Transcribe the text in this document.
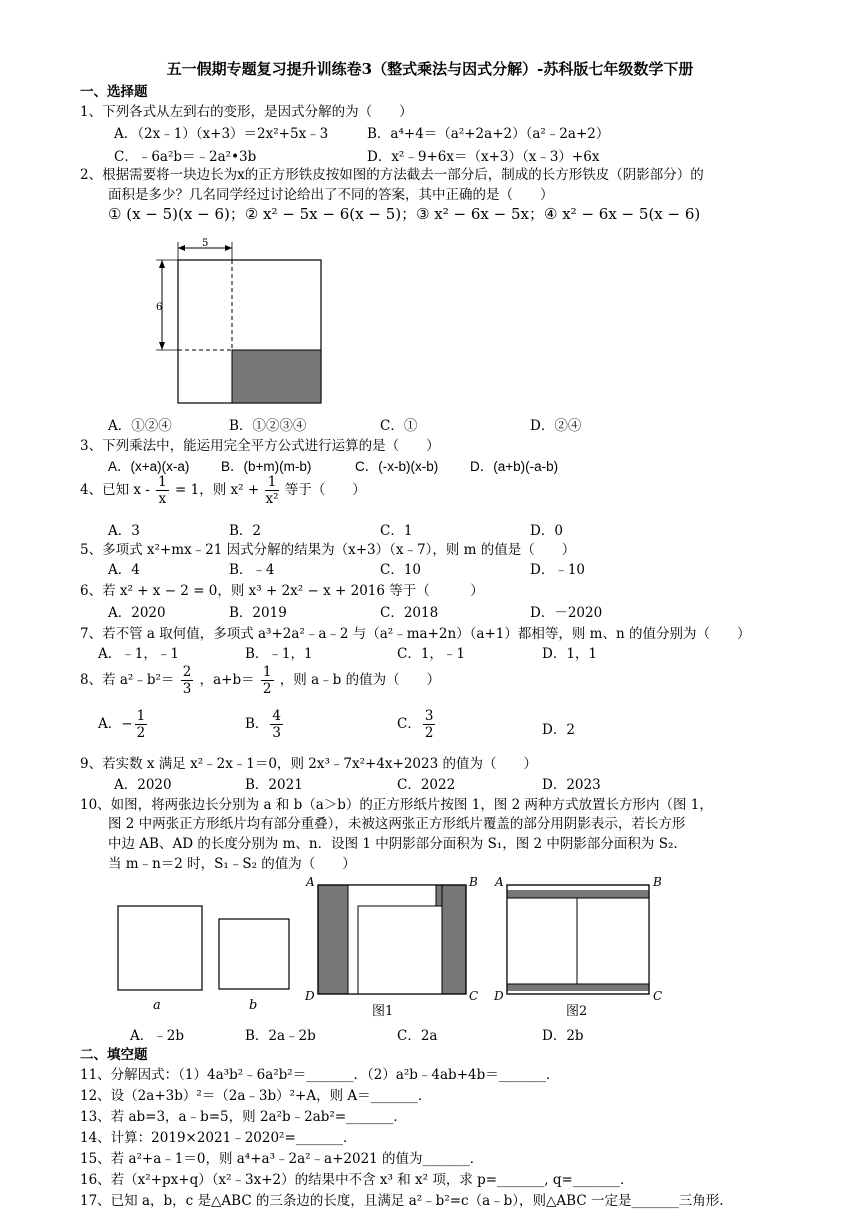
五一假期专题复习提升训练卷3（整式乘法与因式分解）-苏科版七年级数学下册
一、选择题
1、下列各式从左到右的变形，是因式分解的为（　　）
A．（2x﹣1）（x+3）＝2x²+5x﹣3	B．a⁴+4＝（a²+2a+2）（a²﹣2a+2）
C．﹣6a²b＝﹣2a²•3b	D．x²﹣9+6x＝（x+3）（x﹣3）+6x
2、根据需要将一块边长为x的正方形铁皮按如图的方法截去一部分后，制成的长方形铁皮（阴影部分）的
面积是多少？几名同学经过讨论给出了不同的答案，其中正确的是（　　）
① (x − 5)(x − 6)；② x² − 5x − 6(x − 5)；③ x² − 6x − 5x；④ x² − 6x − 5(x − 6)
5
6
A．①②④	B．①②③④	C．①	D．②④
3、下列乘法中，能运用完全平方公式进行运算的是（　　）
A．(x+a)(x-a) B．(b+m)(m-b)	C．(-x-b)(x-b) D．(a+b)(-a-b)
4、已知 $x - \frac{1}{x} = 1$，则 $x^2 + \frac{1}{\text{x²}}$ 等于（　　）
A．3	B．2	C．1	D．0
5、多项式 x²+mx﹣21 因式分解的结果为（x+3）（x﹣7），则 m 的值是（　　）
A．4	B．﹣4	C．10	D．﹣10
6、若 x² + x − 2 = 0，则 x³ + 2x² − x + 2016 等于（　　　）
A．2020	B．2019	C．2018	D．－2020
7、若不管 a 取何值，多项式 a³+2a²﹣a﹣2 与（a²﹣ma+2n）（a+1）都相等，则 m、n 的值分别为（　　）
A．﹣1，﹣1	B．﹣1，1	C．1，﹣1	D．1，1
8、若 a²﹣b²＝ $\frac{2}{3}$ ，$a+b= \frac{1}{2}$ ，则 a﹣b 的值为（　　）
A．− $\frac{1}{2}$	B． $\frac{4}{3}$	C． $\frac{3}{2}$	D．2
9、若实数 x 满足 x²﹣2x﹣1＝0，则 2x³﹣7x²+4x+2023 的值为（　　）
A．2020	B．2021	C．2022	D．2023
10、如图，将两张边长分别为 a 和 b（a＞b）的正方形纸片按图 1，图 2 两种方式放置长方形内（图 1，
图 2 中两张正方形纸片均有部分重叠），未被这两张正方形纸片覆盖的部分用阴影表示，若长方形
中边 AB、AD 的长度分别为 m、n．设图 1 中阴影部分面积为 S₁，图 2 中阴影部分面积为 S₂.
当 m﹣n＝2 时，S₁﹣S₂ 的值为（　　）
a	b
A	B
C
D
图1
A	B
C
D
图2
A．﹣2b	B．2a﹣2b	C．2a	D．2b
二、填空题
11、分解因式：（1）4a³b²﹣6a²b²＝_______．（2）a²b﹣4ab+4b＝_______．
12、设（2a+3b）²＝（2a﹣3b）²+A，则 A＝_______．
13、若 ab=3，a﹣b=5，则 2a²b﹣2ab²=_______．
14、计算：2019×2021﹣2020²=_______．
15、若 a²+a﹣1＝0，则 a⁴+a³﹣2a²﹣a+2021 的值为_______．
16、若（x²+px+q）（x²﹣3x+2）的结果中不含 x³ 和 x² 项，求 p=_______, q=_______．
17、已知 a，b，c 是△ABC 的三条边的长度，且满足 a²﹣b²=c（a﹣b），则△ABC 一定是_______三角形.
